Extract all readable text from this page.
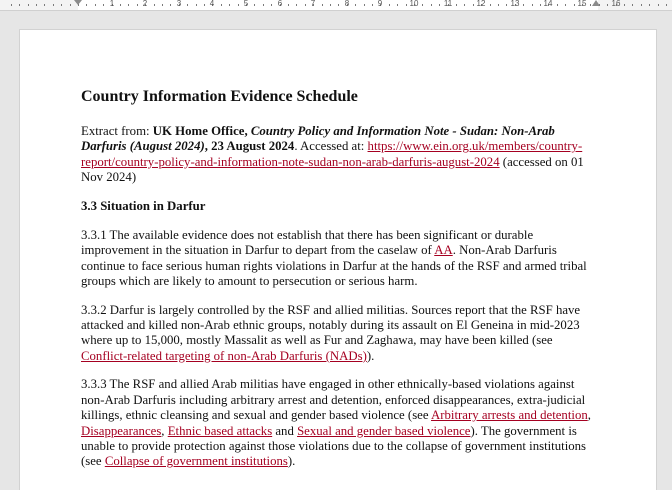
1	2	3	4	5	6	7	8	9	10	11	12	13	14	15	16
Country Information Evidence Schedule

Extract from: UK Home Office, Country Policy and Information Note - Sudan: Non-Arab Darfuris (August 2024), 23 August 2024. Accessed at: https://www.ein.org.uk/members/country-report/country-policy-and-information-note-sudan-non-arab-darfuris-august-2024 (accessed on 01 Nov 2024)

3.3 Situation in Darfur

3.3.1 The available evidence does not establish that there has been significant or durable improvement in the situation in Darfur to depart from the caselaw of AA. Non-Arab Darfuris continue to face serious human rights violations in Darfur at the hands of the RSF and armed tribal groups which are likely to amount to persecution or serious harm.

3.3.2 Darfur is largely controlled by the RSF and allied militias. Sources report that the RSF have attacked and killed non-Arab ethnic groups, notably during its assault on El Geneina in mid-2023 where up to 15,000, mostly Massalit as well as Fur and Zaghawa, may have been killed (see Conflict-related targeting of non-Arab Darfuris (NADs)).

3.3.3 The RSF and allied Arab militias have engaged in other ethnically-based violations against non-Arab Darfuris including arbitrary arrest and detention, enforced disappearances, extra-judicial killings, ethnic cleansing and sexual and gender based violence (see Arbitrary arrests and detention, Disappearances, Ethnic based attacks and Sexual and gender based violence). The government is unable to provide protection against those violations due to the collapse of government institutions (see Collapse of government institutions).
